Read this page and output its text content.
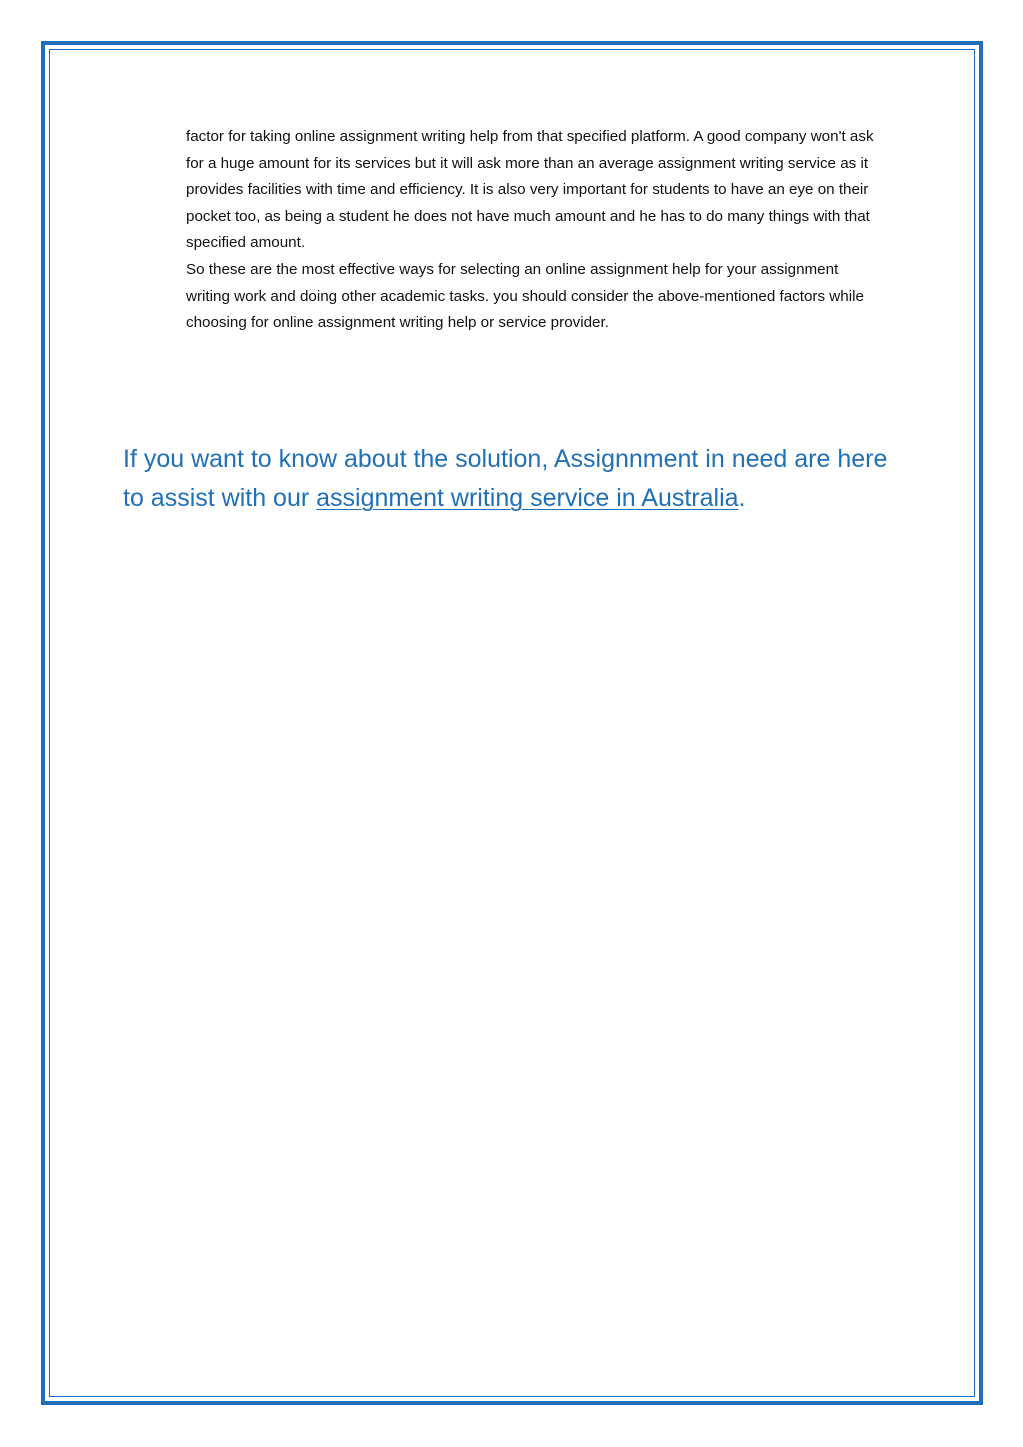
factor for taking online assignment writing help from that specified platform. A good company won't ask for a huge amount for its services but it will ask more than an average assignment writing service as it provides facilities with time and efficiency. It is also very important for students to have an eye on their pocket too, as being a student he does not have much amount and he has to do many things with that specified amount.

So these are the most effective ways for selecting an online assignment help for your assignment writing work and doing other academic tasks. you should consider the above-mentioned factors while choosing for online assignment writing help or service provider.

If you want to know about the solution, Assignnment in need are here to assist with our assignment writing service in Australia.
